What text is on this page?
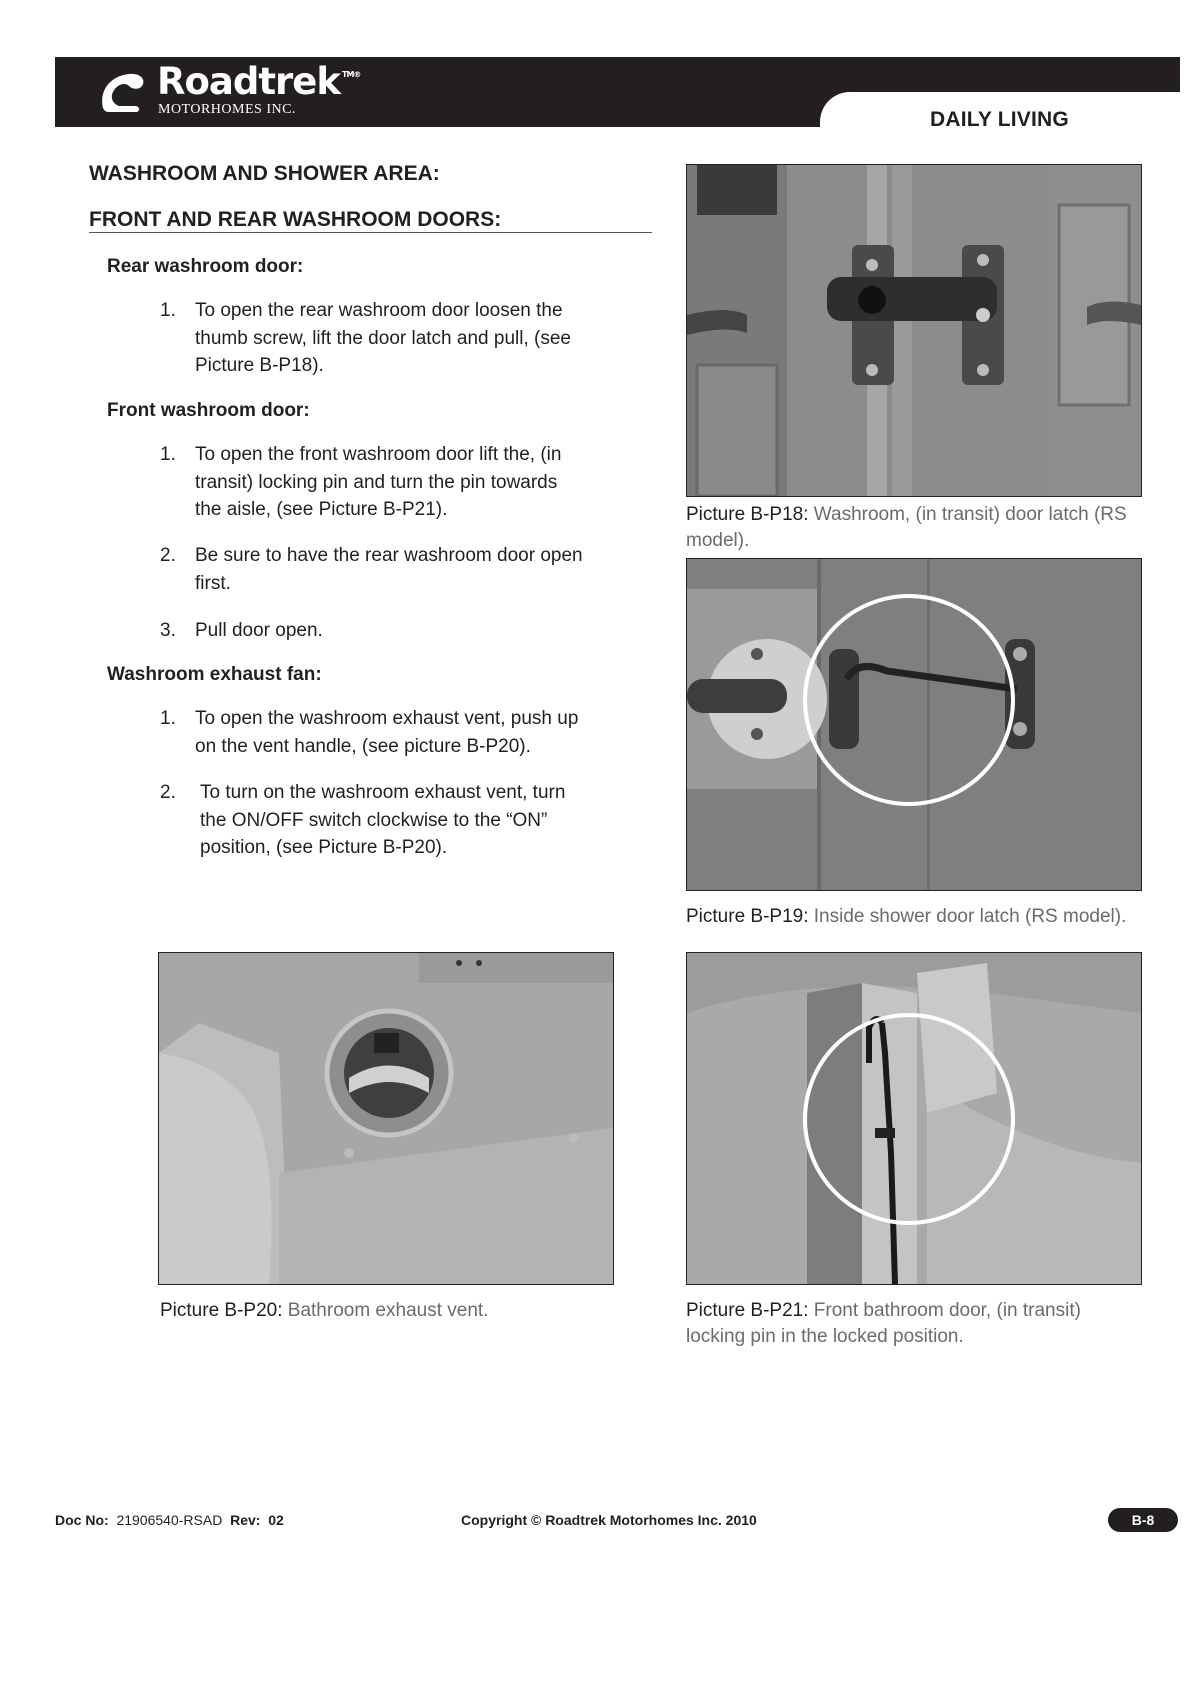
Roadtrek $^{TM®}$
MOTORHOMES INC.	DAILY LIVING
WASHROOM AND SHOWER AREA:
FRONT AND REAR WASHROOM DOORS:
Rear washroom door:
1. To open the rear washroom door loosen the thumb screw, lift the door latch and pull, (see Picture B-P18).
Front washroom door:
1. To open the front washroom door lift the, (in transit) locking pin and turn the pin towards the aisle, (see Picture B-P21).
2. Be sure to have the rear washroom door open first.
3. Pull door open.
Washroom exhaust fan:
1. To open the washroom exhaust vent, push up on the vent handle, (see picture B-P20).
2. To turn on the washroom exhaust vent, turn the ON/OFF switch clockwise to the “ON” position, (see Picture B-P20).
Picture B-P18: Washroom, (in transit) door latch (RS model).
Picture B-P19: Inside shower door latch (RS model).
Picture B-P20: Bathroom exhaust vent.	Picture B-P21: Front bathroom door, (in transit) locking pin in the locked position.
Doc No: 21906540-RSAD Rev: 02	Copyright © Roadtrek Motorhomes Inc. 2010	B-8
